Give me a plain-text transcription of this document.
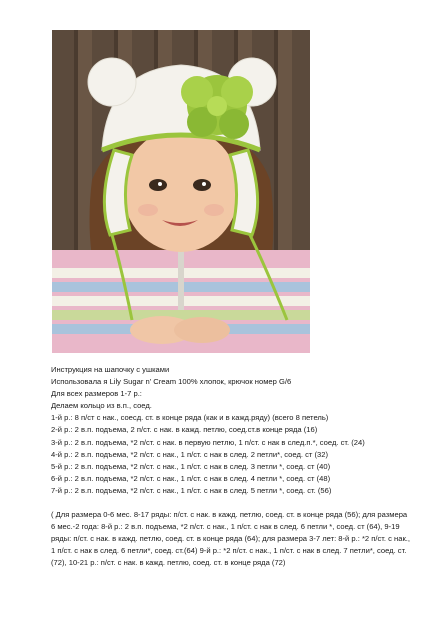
Инструкция на шапочку с ушками
Использовала я Lily Sugar n' Cream 100% хлопок, крючок номер G/6
Для всех размеров 1-7 р.:
Делаем кольцо из в.п., соед.
1-й р.: 8 п/ст с нак., соесд. ст. в конце ряда (как и в кажд.ряду) (всего 8 петель)
2-й р.: 2 в.п. подъема, 2 п/ст. с нак. в кажд. петлю, соед.ст.в конце ряда (16)
3-й р.: 2 в.п. подъема, *2 п/ст. с нак. в первую петлю, 1 п/ст. с нак в след.п.*, соед. ст. (24)
4-й р.: 2 в.п. подъема, *2 п/ст. с нак., 1 п/ст. с нак в след. 2 петли*, соед. ст (32)
5-й р.: 2 в.п. подъема, *2 п/ст. с нак., 1 п/ст. с нак в след. 3 петли *, соед. ст (40)
6-й р.: 2 в.п. подъема, *2 п/ст. с нак., 1 п/ст. с нак в след. 4 петли *, соед. ст (48)
7-й р.: 2 в.п. подъема, *2 п/ст. с нак., 1 п/ст. с нак в след. 5 петли *, соед. ст. (56)
( Для размера 0-6 мес. 8-17 ряды: п/ст. с нак. в кажд. петлю, соед. ст. в конце ряда (56); для размера 6 мес.-2 года: 8-й р.: 2 в.п. подъема, *2 п/ст. с нак., 1 п/ст. с нак в след. 6 петли *, соед. ст (64), 9-19 ряды: п/ст. с нак. в кажд. петлю, соед. ст. в конце ряда (64); для размера 3-7 лет: 8-й р.: *2 п/ст. с нак., 1 п/ст. с нак в след. 6 петли*, соед. ст.(64) 9-й р.: *2 п/ст. с нак., 1 п/ст. с нак в след. 7 петли*, соед. ст. (72), 10-21 р.: п/ст. с нак. в кажд. петлю, соед. ст. в конце ряда (72)
